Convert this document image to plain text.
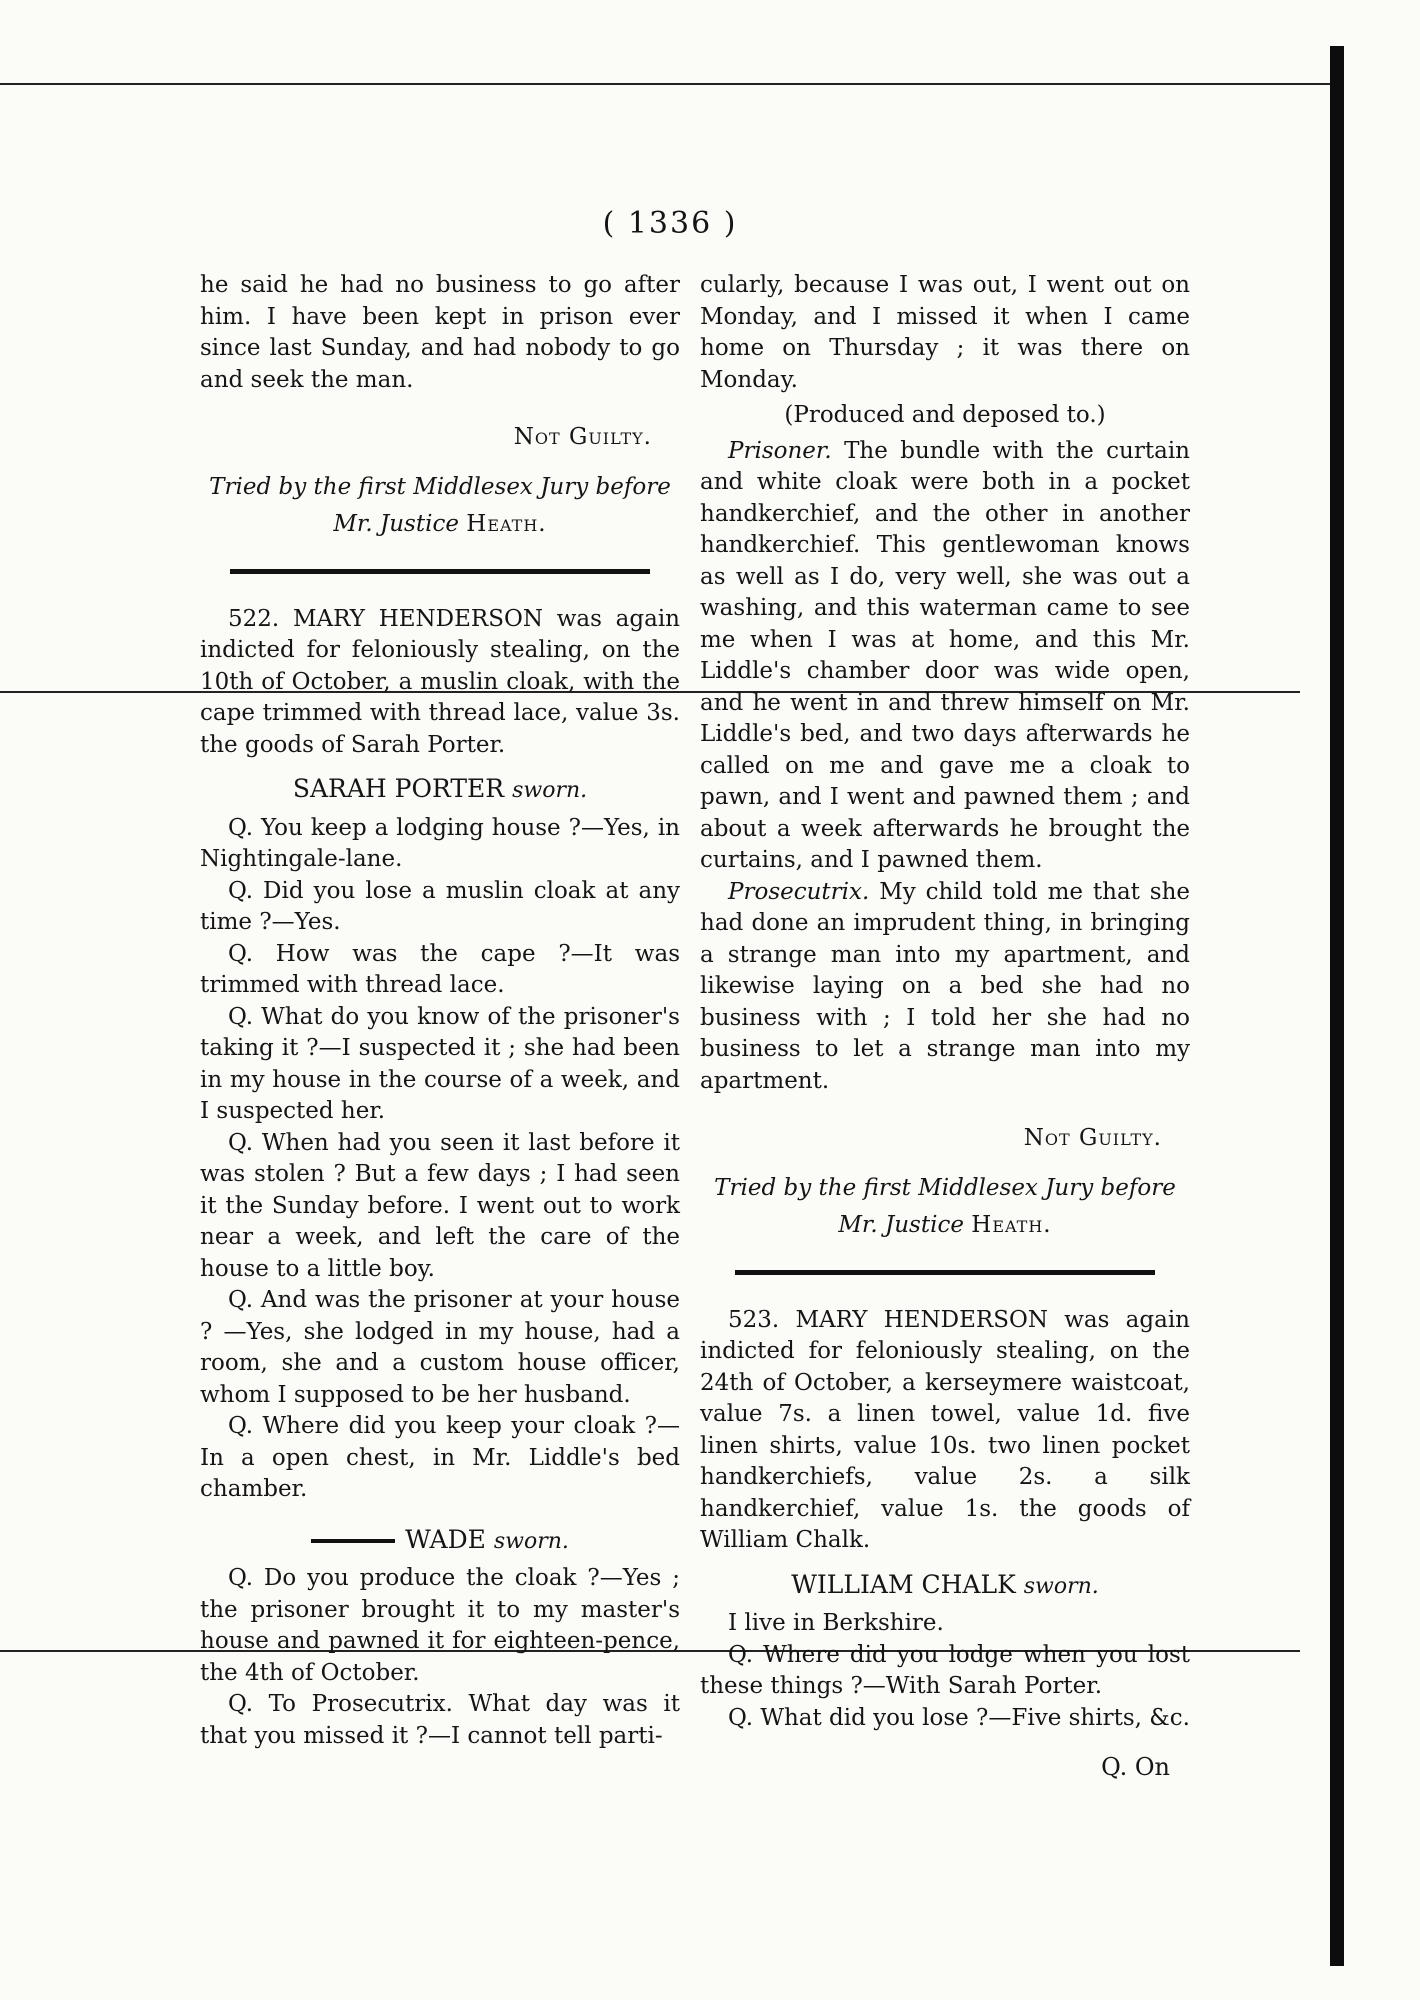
( 1336 )

he said he had no business to go after him. I have been kept in prison ever since last Sunday, and had nobody to go and seek the man.

Not Guilty.
Tried by the first Middlesex Jury before
Mr. Justice Heath.

522. MARY HENDERSON was again indicted for feloniously stealing, on the 10th of October, a muslin cloak, with the cape trimmed with thread lace, value 3s. the goods of Sarah Porter.

SARAH PORTER sworn.

Q. You keep a lodging house ?—Yes, in Nightingale-lane.

Q. Did you lose a muslin cloak at any time ?—Yes.

Q. How was the cape ?—It was trimmed with thread lace.

Q. What do you know of the prisoner's taking it ?—I suspected it ; she had been in my house in the course of a week, and I suspected her.

Q. When had you seen it last before it was stolen ? But a few days ; I had seen it the Sunday before. I went out to work near a week, and left the care of the house to a little boy.

Q. And was the prisoner at your house ? —Yes, she lodged in my house, had a room, she and a custom house officer, whom I supposed to be her husband.

Q. Where did you keep your cloak ?— In a open chest, in Mr. Liddle's bed chamber.

WADE sworn.

Q. Do you produce the cloak ?—Yes ; the prisoner brought it to my master's house and pawned it for eighteen-pence, the 4th of October.

Q. To Prosecutrix. What day was it that you missed it ?—I cannot tell parti-

cularly, because I was out, I went out on Monday, and I missed it when I came home on Thursday ; it was there on Monday.

(Produced and deposed to.)

Prisoner. The bundle with the curtain and white cloak were both in a pocket handkerchief, and the other in another handkerchief. This gentlewoman knows as well as I do, very well, she was out a washing, and this waterman came to see me when I was at home, and this Mr. Liddle's chamber door was wide open, and he went in and threw himself on Mr. Liddle's bed, and two days afterwards he called on me and gave me a cloak to pawn, and I went and pawned them ; and about a week afterwards he brought the curtains, and I pawned them.

Prosecutrix. My child told me that she had done an imprudent thing, in bringing a strange man into my apartment, and likewise laying on a bed she had no business with ; I told her she had no business to let a strange man into my apartment.

Not Guilty.
Tried by the first Middlesex Jury before
Mr. Justice Heath.

523. MARY HENDERSON was again indicted for feloniously stealing, on the 24th of October, a kerseymere waistcoat, value 7s. a linen towel, value 1d. five linen shirts, value 10s. two linen pocket handkerchiefs, value 2s. a silk handkerchief, value 1s. the goods of William Chalk.

WILLIAM CHALK sworn.

I live in Berkshire.

Q. Where did you lodge when you lost these things ?—With Sarah Porter.

Q. What did you lose ?—Five shirts, &c.

Q. On
